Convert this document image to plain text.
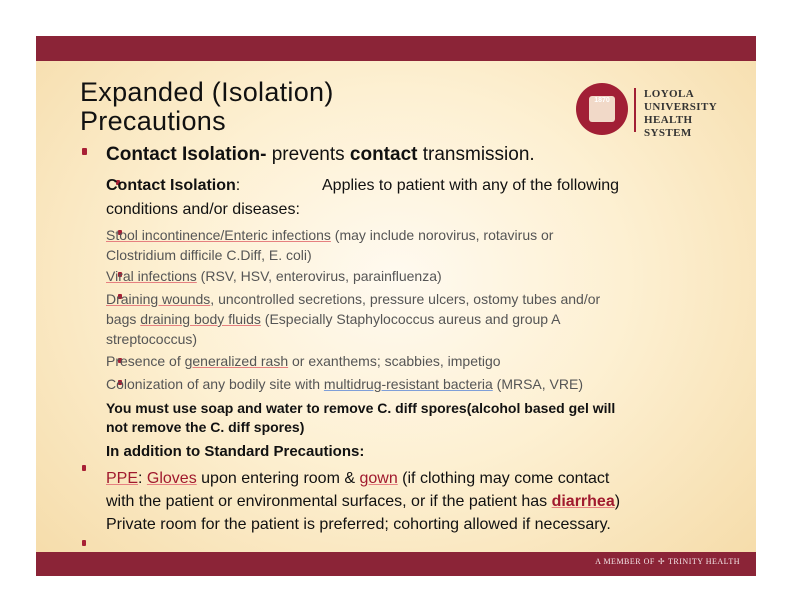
Expanded (Isolation) Precautions
1870
LOYOLA
UNIVERSITY
HEALTH SYSTEM
Contact Isolation- prevents contact transmission.
Contact Isolation:	Applies to patient with any of the following
conditions and/or diseases:
Stool incontinence/Enteric infections (may include norovirus, rotavirus or
Clostridium difficile C.Diff, E. coli)
Viral infections (RSV, HSV, enterovirus, parainfluenza)
Draining wounds, uncontrolled secretions, pressure ulcers, ostomy tubes and/or
bags draining body fluids (Especially Staphylococcus aureus and group A
streptococcus)
Presence of generalized rash or exanthems; scabbies, impetigo
Colonization of any bodily site with multidrug-resistant bacteria (MRSA, VRE)
You must use soap and water to remove C. diff spores(alcohol based gel will
not remove the C. diff spores)
In addition to Standard Precautions:
PPE: Gloves upon entering room & gown (if clothing may come contact
with the patient or environmental surfaces, or if the patient has diarrhea)
Private room for the patient is preferred; cohorting allowed if necessary.
A MEMBER OF ✢ TRINITY HEALTH
